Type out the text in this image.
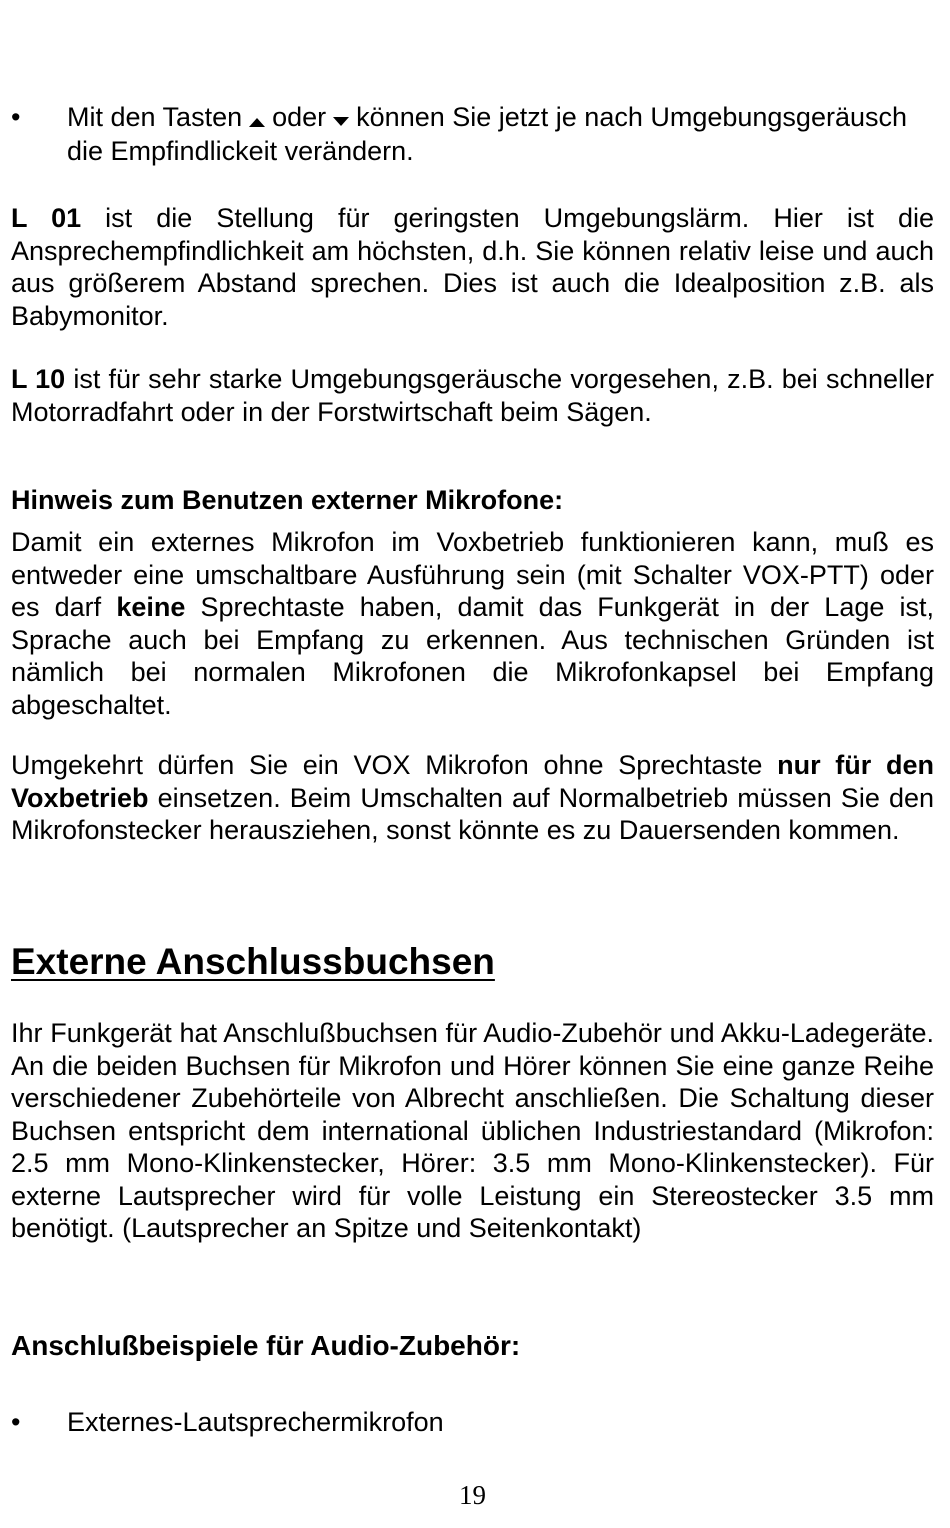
•	Mit den Tasten oder können Sie jetzt je nach Umgebungsgeräusch die Empfindlickeit verändern.
L 01 ist die Stellung für geringsten Umgebungslärm. Hier ist die Ansprechempfindlichkeit am höchsten, d.h. Sie können relativ leise und auch aus größerem Abstand sprechen. Dies ist auch die Idealposition z.B. als Babymonitor.
L 10 ist für sehr starke Umgebungsgeräusche vorgesehen, z.B. bei schneller Motorradfahrt oder in der Forstwirtschaft beim Sägen.
Hinweis zum Benutzen externer Mikrofone:
Damit ein externes Mikrofon im Voxbetrieb funktionieren kann, muß es entweder eine umschaltbare Ausführung sein (mit Schalter VOX-PTT) oder es darf keine Sprechtaste haben, damit das Funkgerät in der Lage ist, Sprache auch bei Empfang zu erkennen. Aus technischen Gründen ist nämlich bei normalen Mikrofonen die Mikrofonkapsel bei Empfang abgeschaltet.
Umgekehrt dürfen Sie ein VOX Mikrofon ohne Sprechtaste nur für den Voxbetrieb einsetzen. Beim Umschalten auf Normalbetrieb müssen Sie den Mikrofonstecker herausziehen, sonst könnte es zu Dauersenden kommen.
Externe Anschlussbuchsen
Ihr Funkgerät hat Anschlußbuchsen für Audio-Zubehör und Akku-Ladegeräte. An die beiden Buchsen für Mikrofon und Hörer können Sie eine ganze Reihe verschiedener Zubehörteile von Albrecht anschließen. Die Schaltung dieser Buchsen entspricht dem international üblichen Industriestandard (Mikrofon: 2.5 mm Mono-Klinkenstecker, Hörer: 3.5 mm Mono-Klinkenstecker). Für externe Lautsprecher wird für volle Leistung ein Stereostecker 3.5 mm benötigt. (Lautsprecher an Spitze und Seitenkontakt)
Anschlußbeispiele für Audio-Zubehör:
•	Externes-Lautsprechermikrofon
19
